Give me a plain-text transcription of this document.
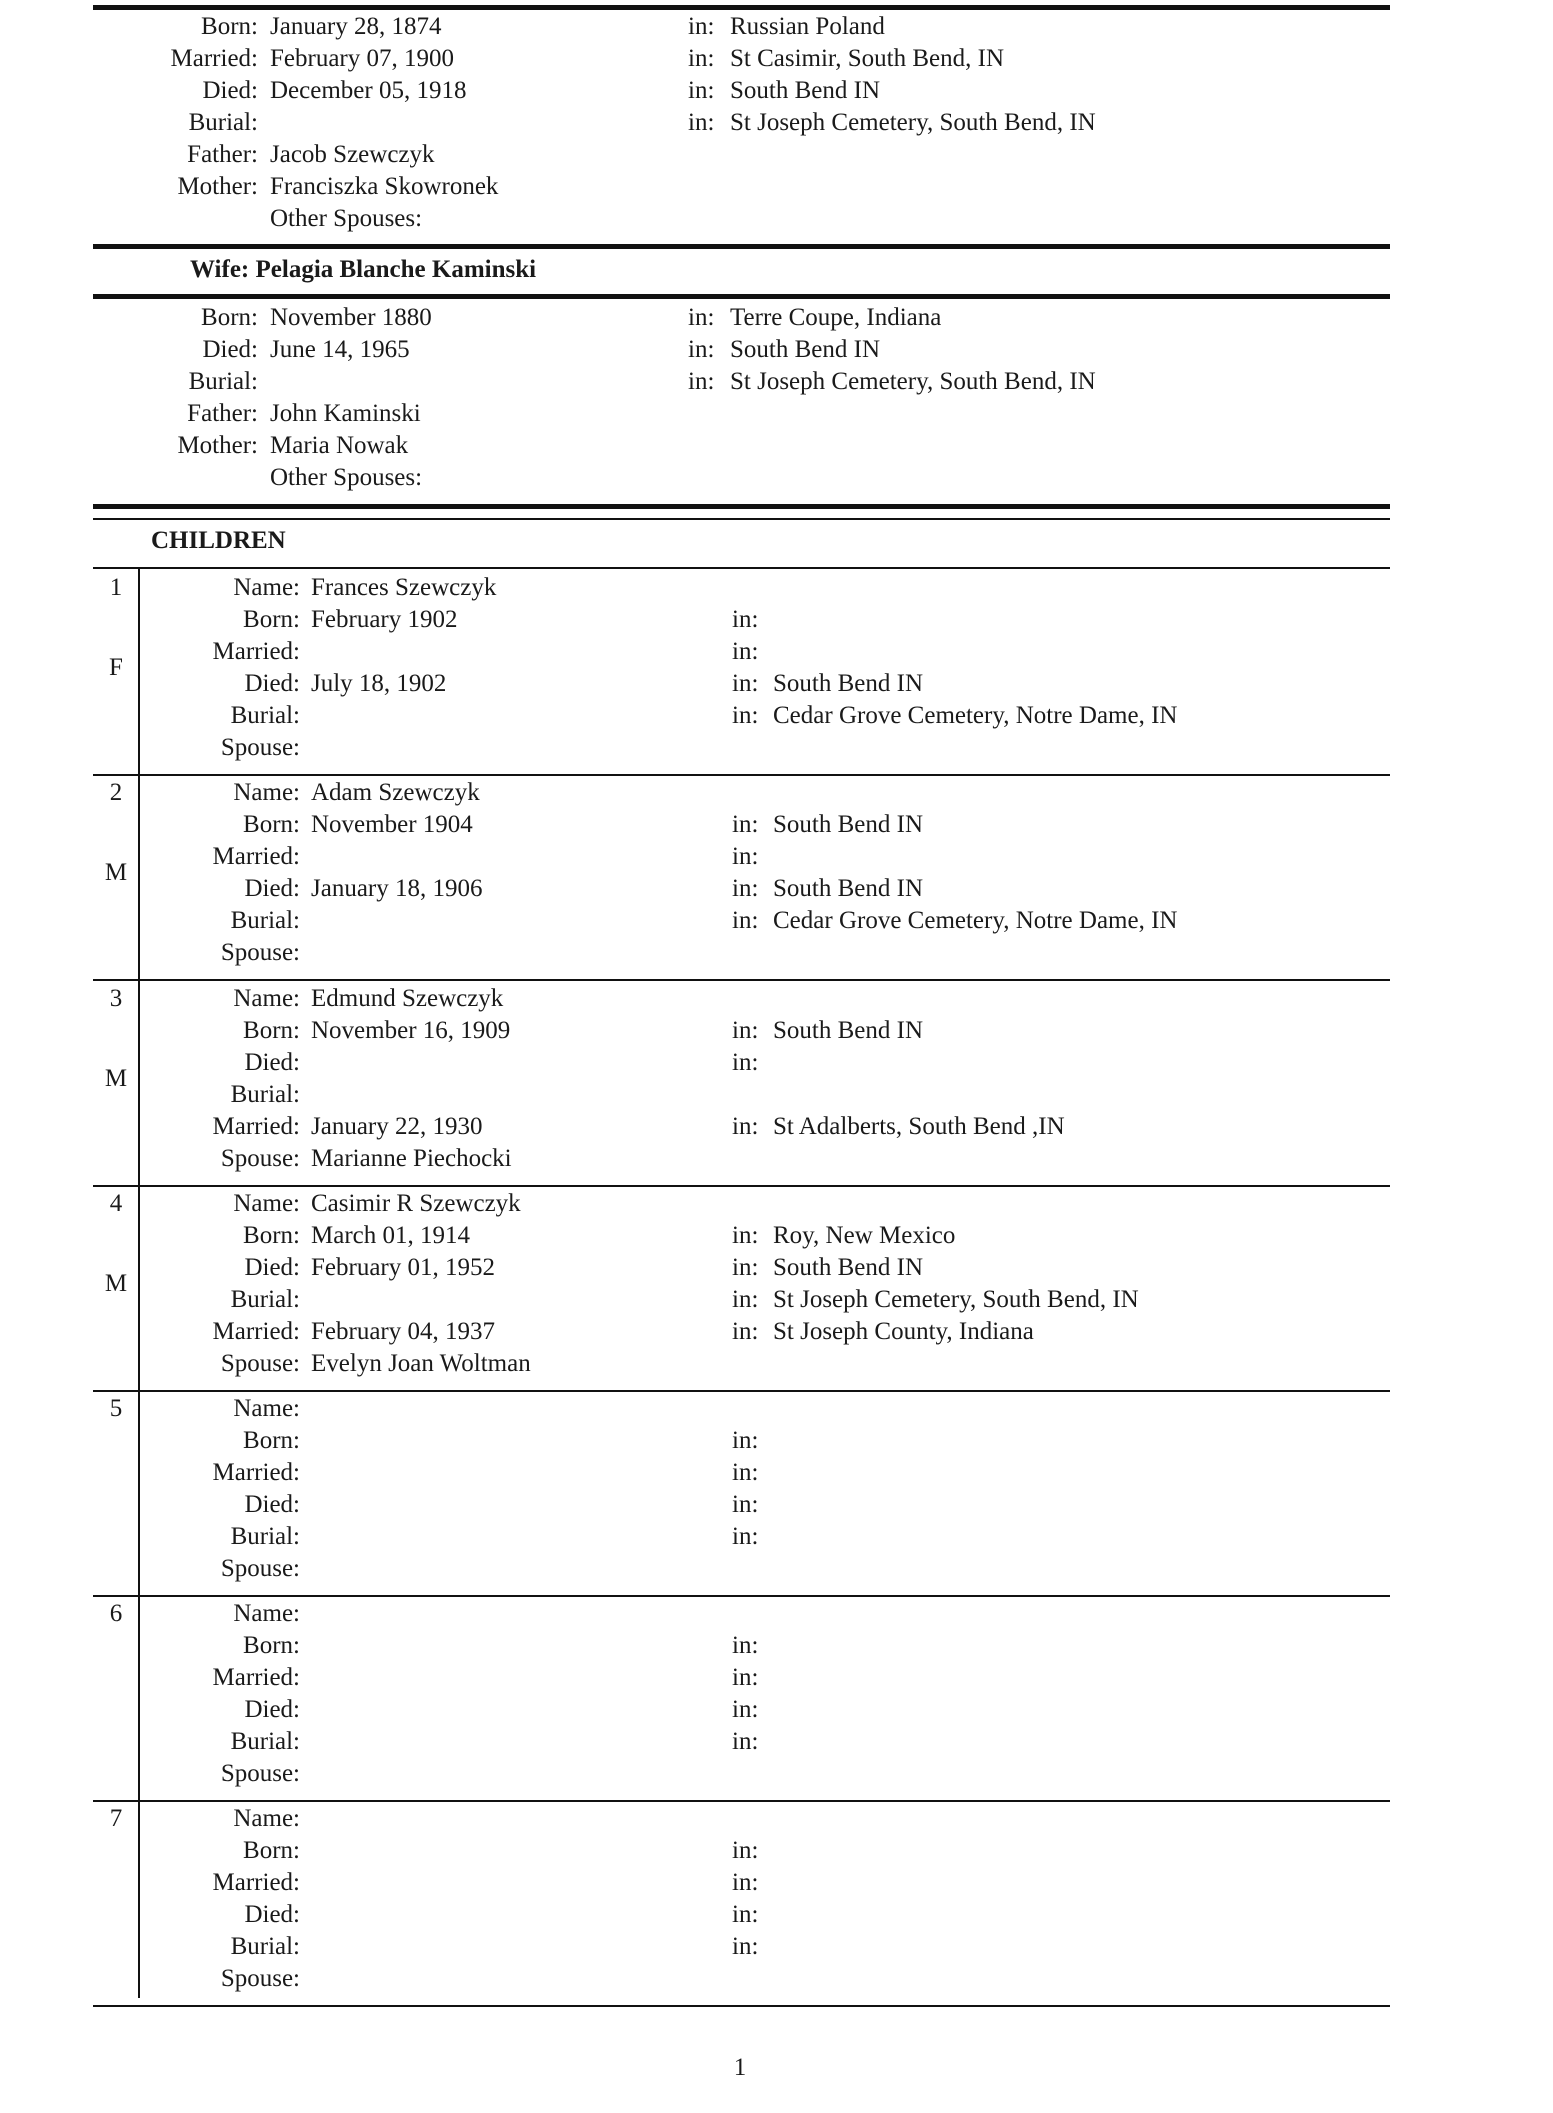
Born: January 28, 1874	in: Russian Poland
Married: February 07, 1900	in: St Casimir, South Bend, IN
Died: December 05, 1918	in: South Bend IN
Burial:	in: St Joseph Cemetery, South Bend, IN
Father: Jacob Szewczyk
Mother: Franciszka Skowronek
Other Spouses:
Wife: Pelagia Blanche Kaminski
Born: November 1880	in: Terre Coupe, Indiana
Died: June 14, 1965	in: South Bend IN
Burial:	in: St Joseph Cemetery, South Bend, IN
Father: John Kaminski
Mother: Maria Nowak
Other Spouses:
CHILDREN
1
F
Name: Frances Szewczyk
Born: February 1902	in:
Married:	in:
Died: July 18, 1902	in: South Bend IN
Burial:	in: Cedar Grove Cemetery, Notre Dame, IN
Spouse:
2
M
Name: Adam Szewczyk
Born: November 1904	in: South Bend IN
Married:	in:
Died: January 18, 1906	in: South Bend IN
Burial:	in: Cedar Grove Cemetery, Notre Dame, IN
Spouse:
3
M
Name: Edmund Szewczyk
Born: November 16, 1909	in: South Bend IN
Died:	in:
Burial:
Married: January 22, 1930	in: St Adalberts, South Bend ,IN
Spouse: Marianne Piechocki
4
M
Name: Casimir R Szewczyk
Born: March 01, 1914	in: Roy, New Mexico
Died: February 01, 1952	in: South Bend IN
Burial:	in: St Joseph Cemetery, South Bend, IN
Married: February 04, 1937	in: St Joseph County, Indiana
Spouse: Evelyn Joan Woltman
5	Name:
Born:	in:
Married:	in:
Died:	in:
Burial:	in:
Spouse:
6	Name:
Born:	in:
Married:	in:
Died:	in:
Burial:	in:
Spouse:
7	Name:
Born:	in:
Married:	in:
Died:	in:
Burial:	in:
Spouse:
1
